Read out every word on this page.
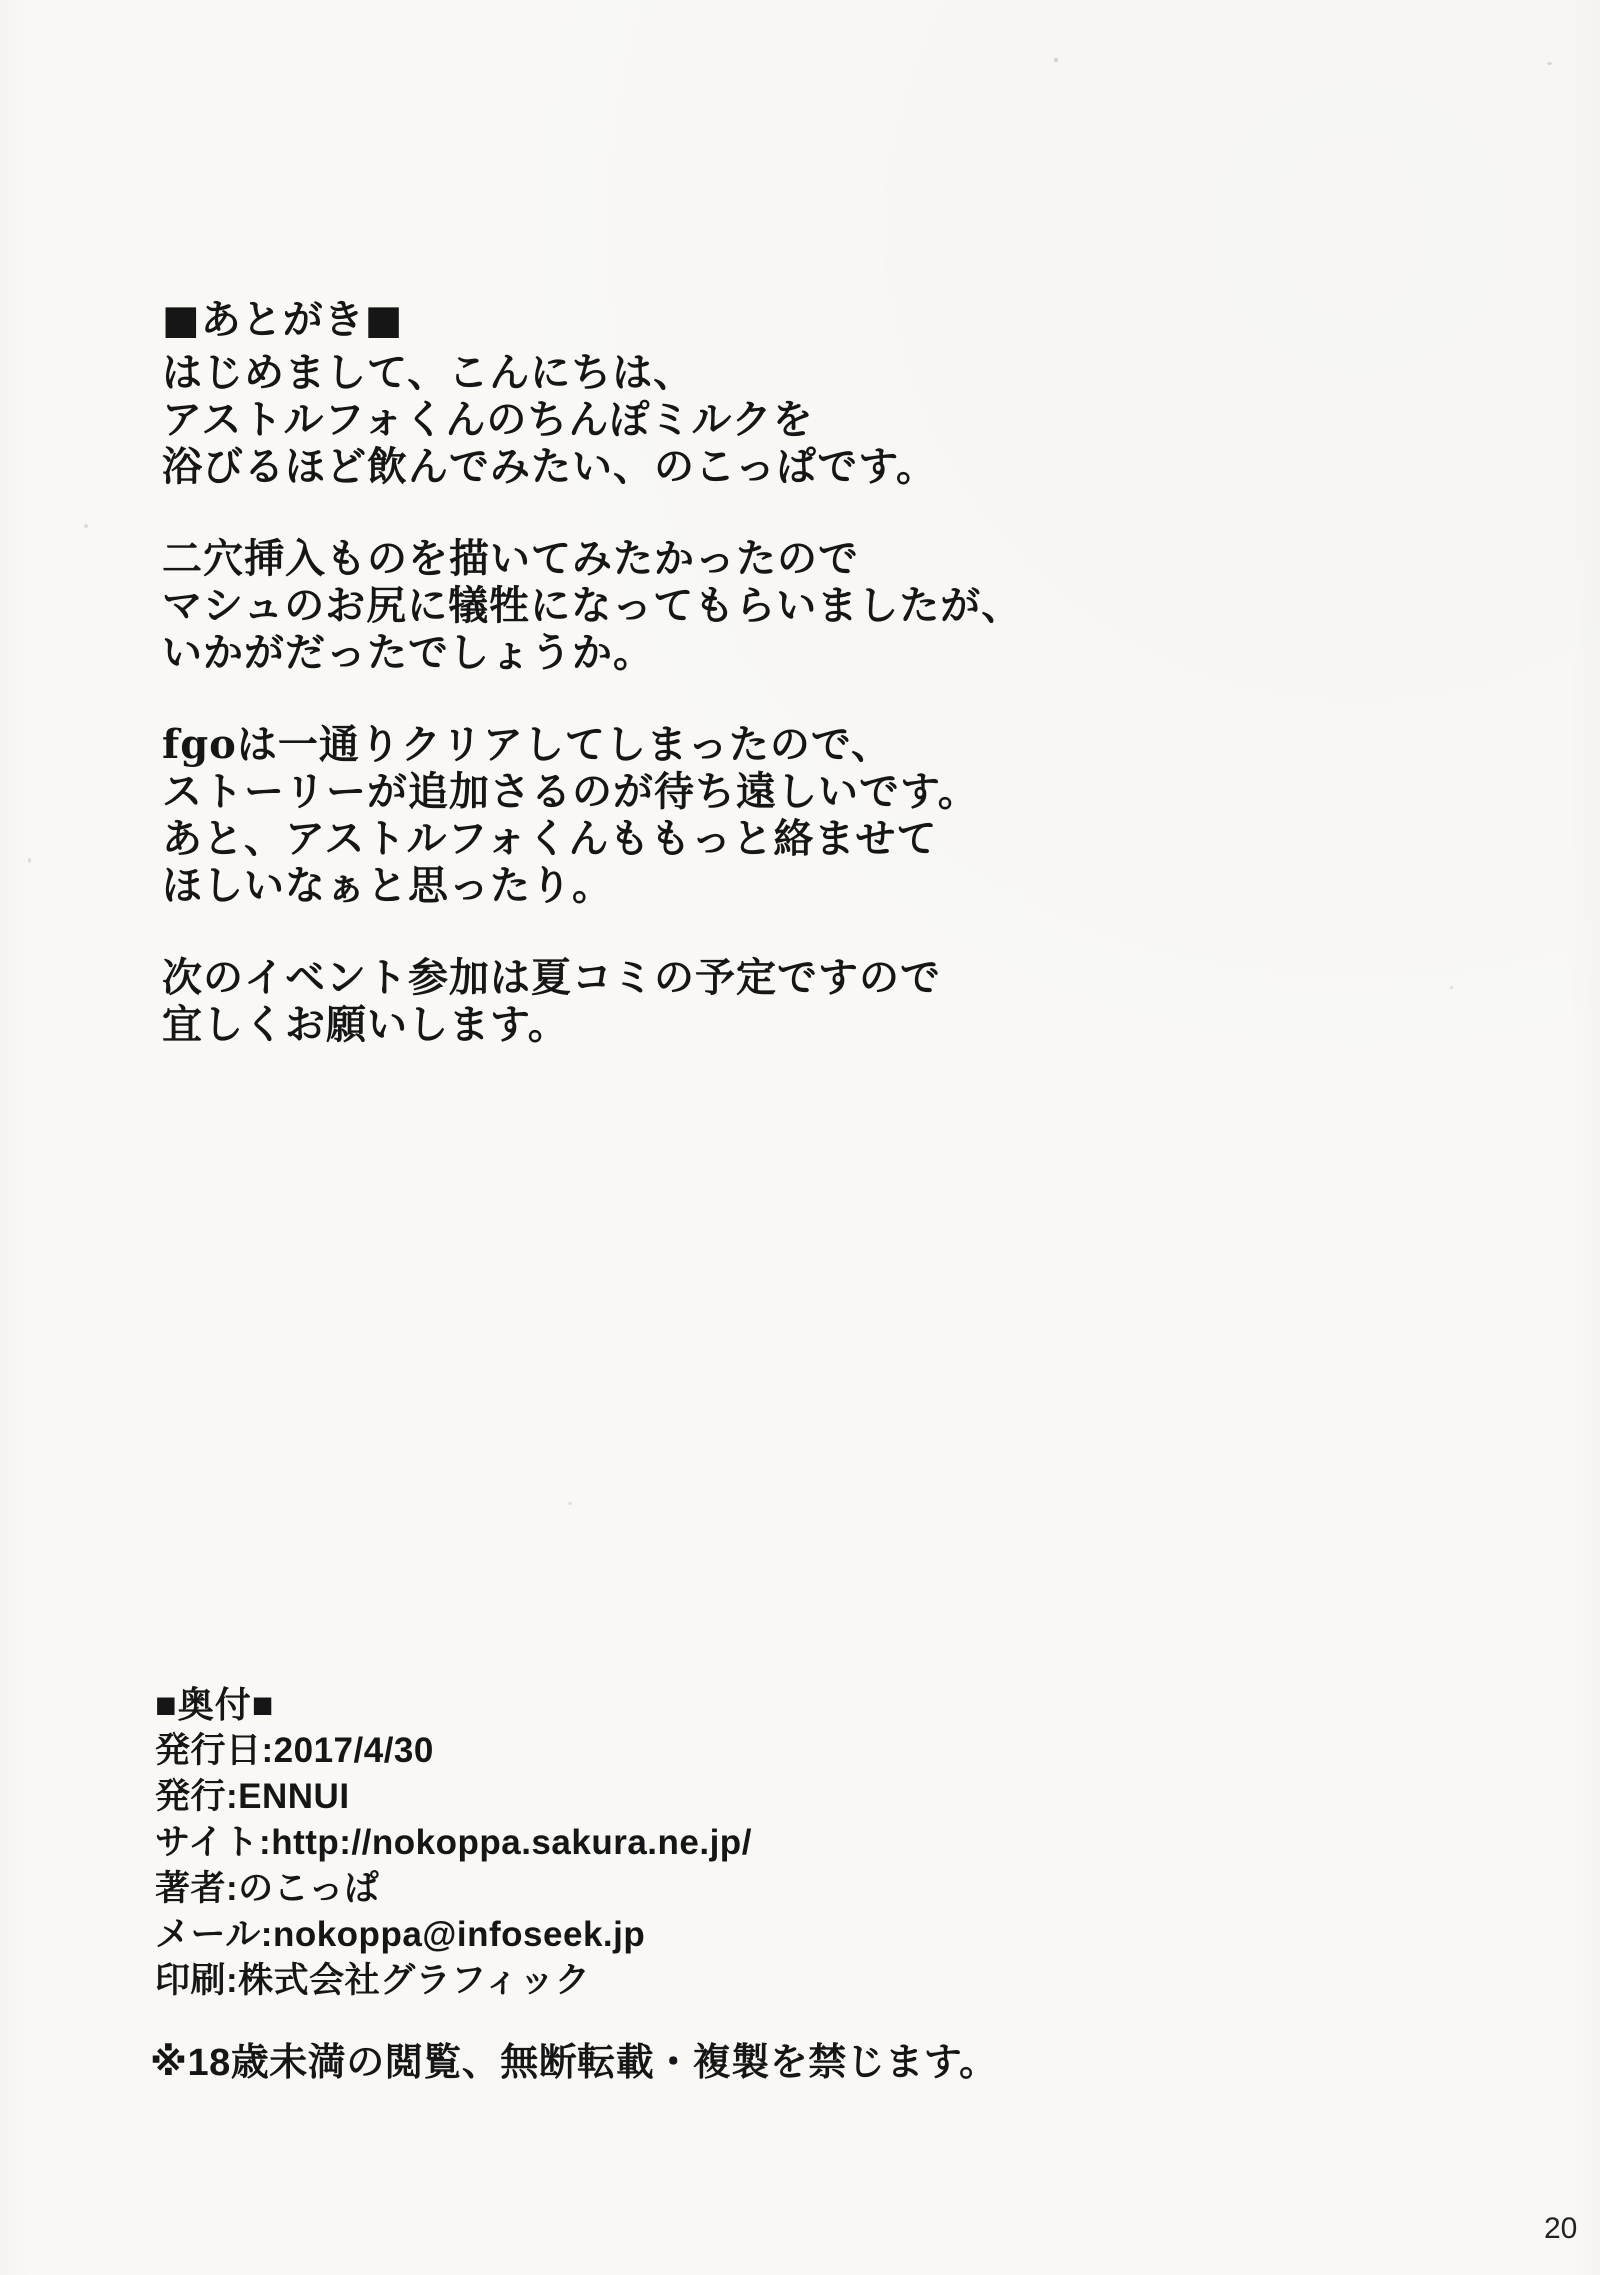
■あとがき■
はじめまして、こんにちは、
アストルフォくんのちんぽミルクを
浴びるほど飲んでみたい、のこっぱです。
二穴挿入ものを描いてみたかったので
マシュのお尻に犠牲になってもらいましたが、
いかがだったでしょうか。
fgoは一通りクリアしてしまったので、
ストーリーが追加さるのが待ち遠しいです。
あと、アストルフォくんももっと絡ませて
ほしいなぁと思ったり。
次のイベント参加は夏コミの予定ですので
宜しくお願いします。
■奥付■
発行日:2017/4/30
発行:ENNUI
サイト:http://nokoppa.sakura.ne.jp/
著者:のこっぱ
メール:nokoppa@infoseek.jp
印刷:株式会社グラフィック
※18歳未満の閲覧、無断転載・複製を禁じます。
20
